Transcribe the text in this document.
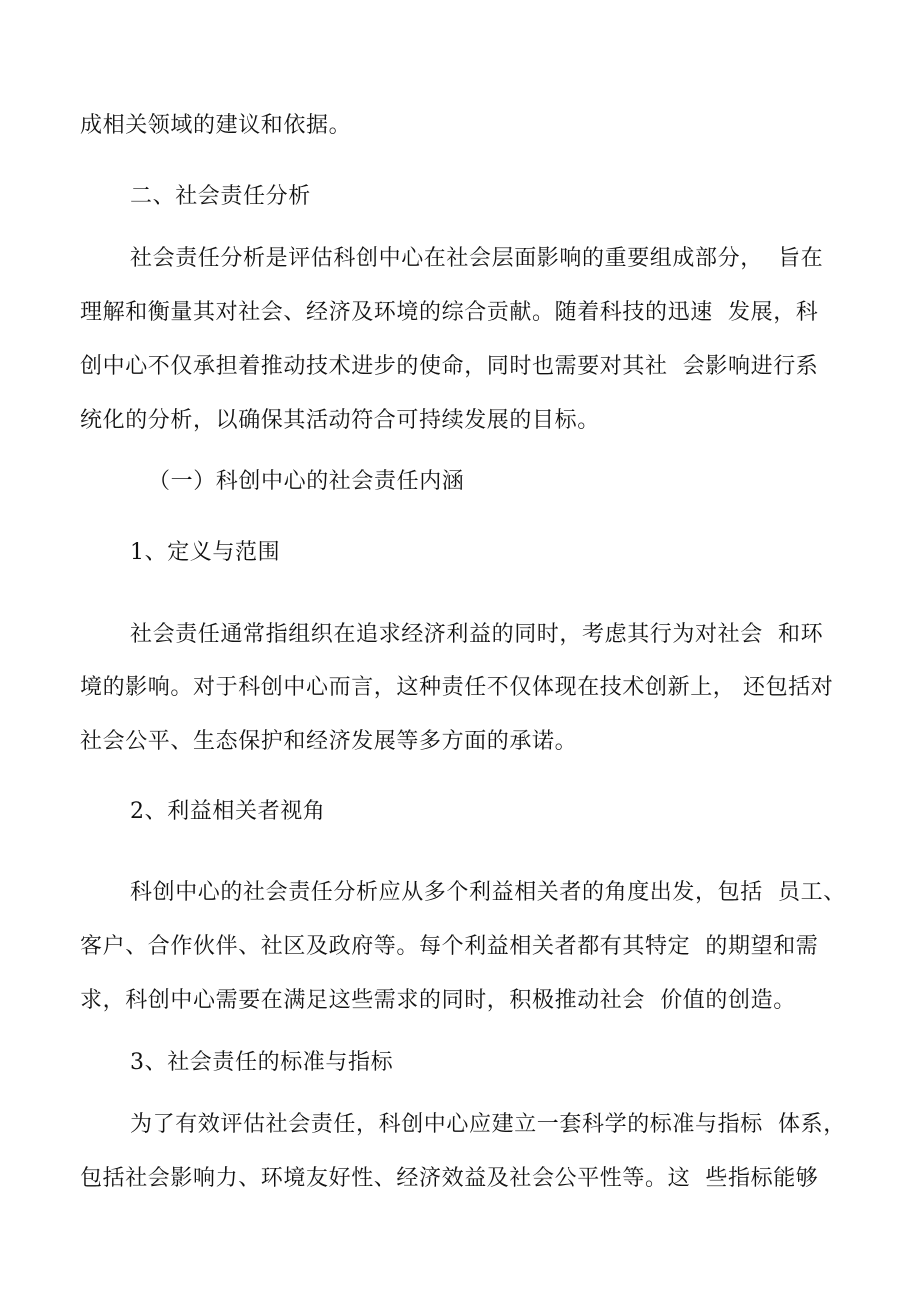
成相关领域的建议和依据。

二、社会责任分析

社会责任分析是评估科创中心在社会层面影响的重要组成部分，  旨在

理解和衡量其对社会、经济及环境的综合贡献。随着科技的迅速  发展，科

创中心不仅承担着推动技术进步的使命，同时也需要对其社  会影响进行系

统化的分析，以确保其活动符合可持续发展的目标。

（一）科创中心的社会责任内涵

1、定义与范围

社会责任通常指组织在追求经济利益的同时，考虑其行为对社会  和环

境的影响。对于科创中心而言，这种责任不仅体现在技术创新上， 还包括对

社会公平、生态保护和经济发展等多方面的承诺。

2、利益相关者视角

科创中心的社会责任分析应从多个利益相关者的角度出发，包括  员工、

客户、合作伙伴、社区及政府等。每个利益相关者都有其特定  的期望和需

求，科创中心需要在满足这些需求的同时，积极推动社会  价值的创造。

3、社会责任的标准与指标

为了有效评估社会责任，科创中心应建立一套科学的标准与指标  体系，

包括社会影响力、环境友好性、经济效益及社会公平性等。这  些指标能够
